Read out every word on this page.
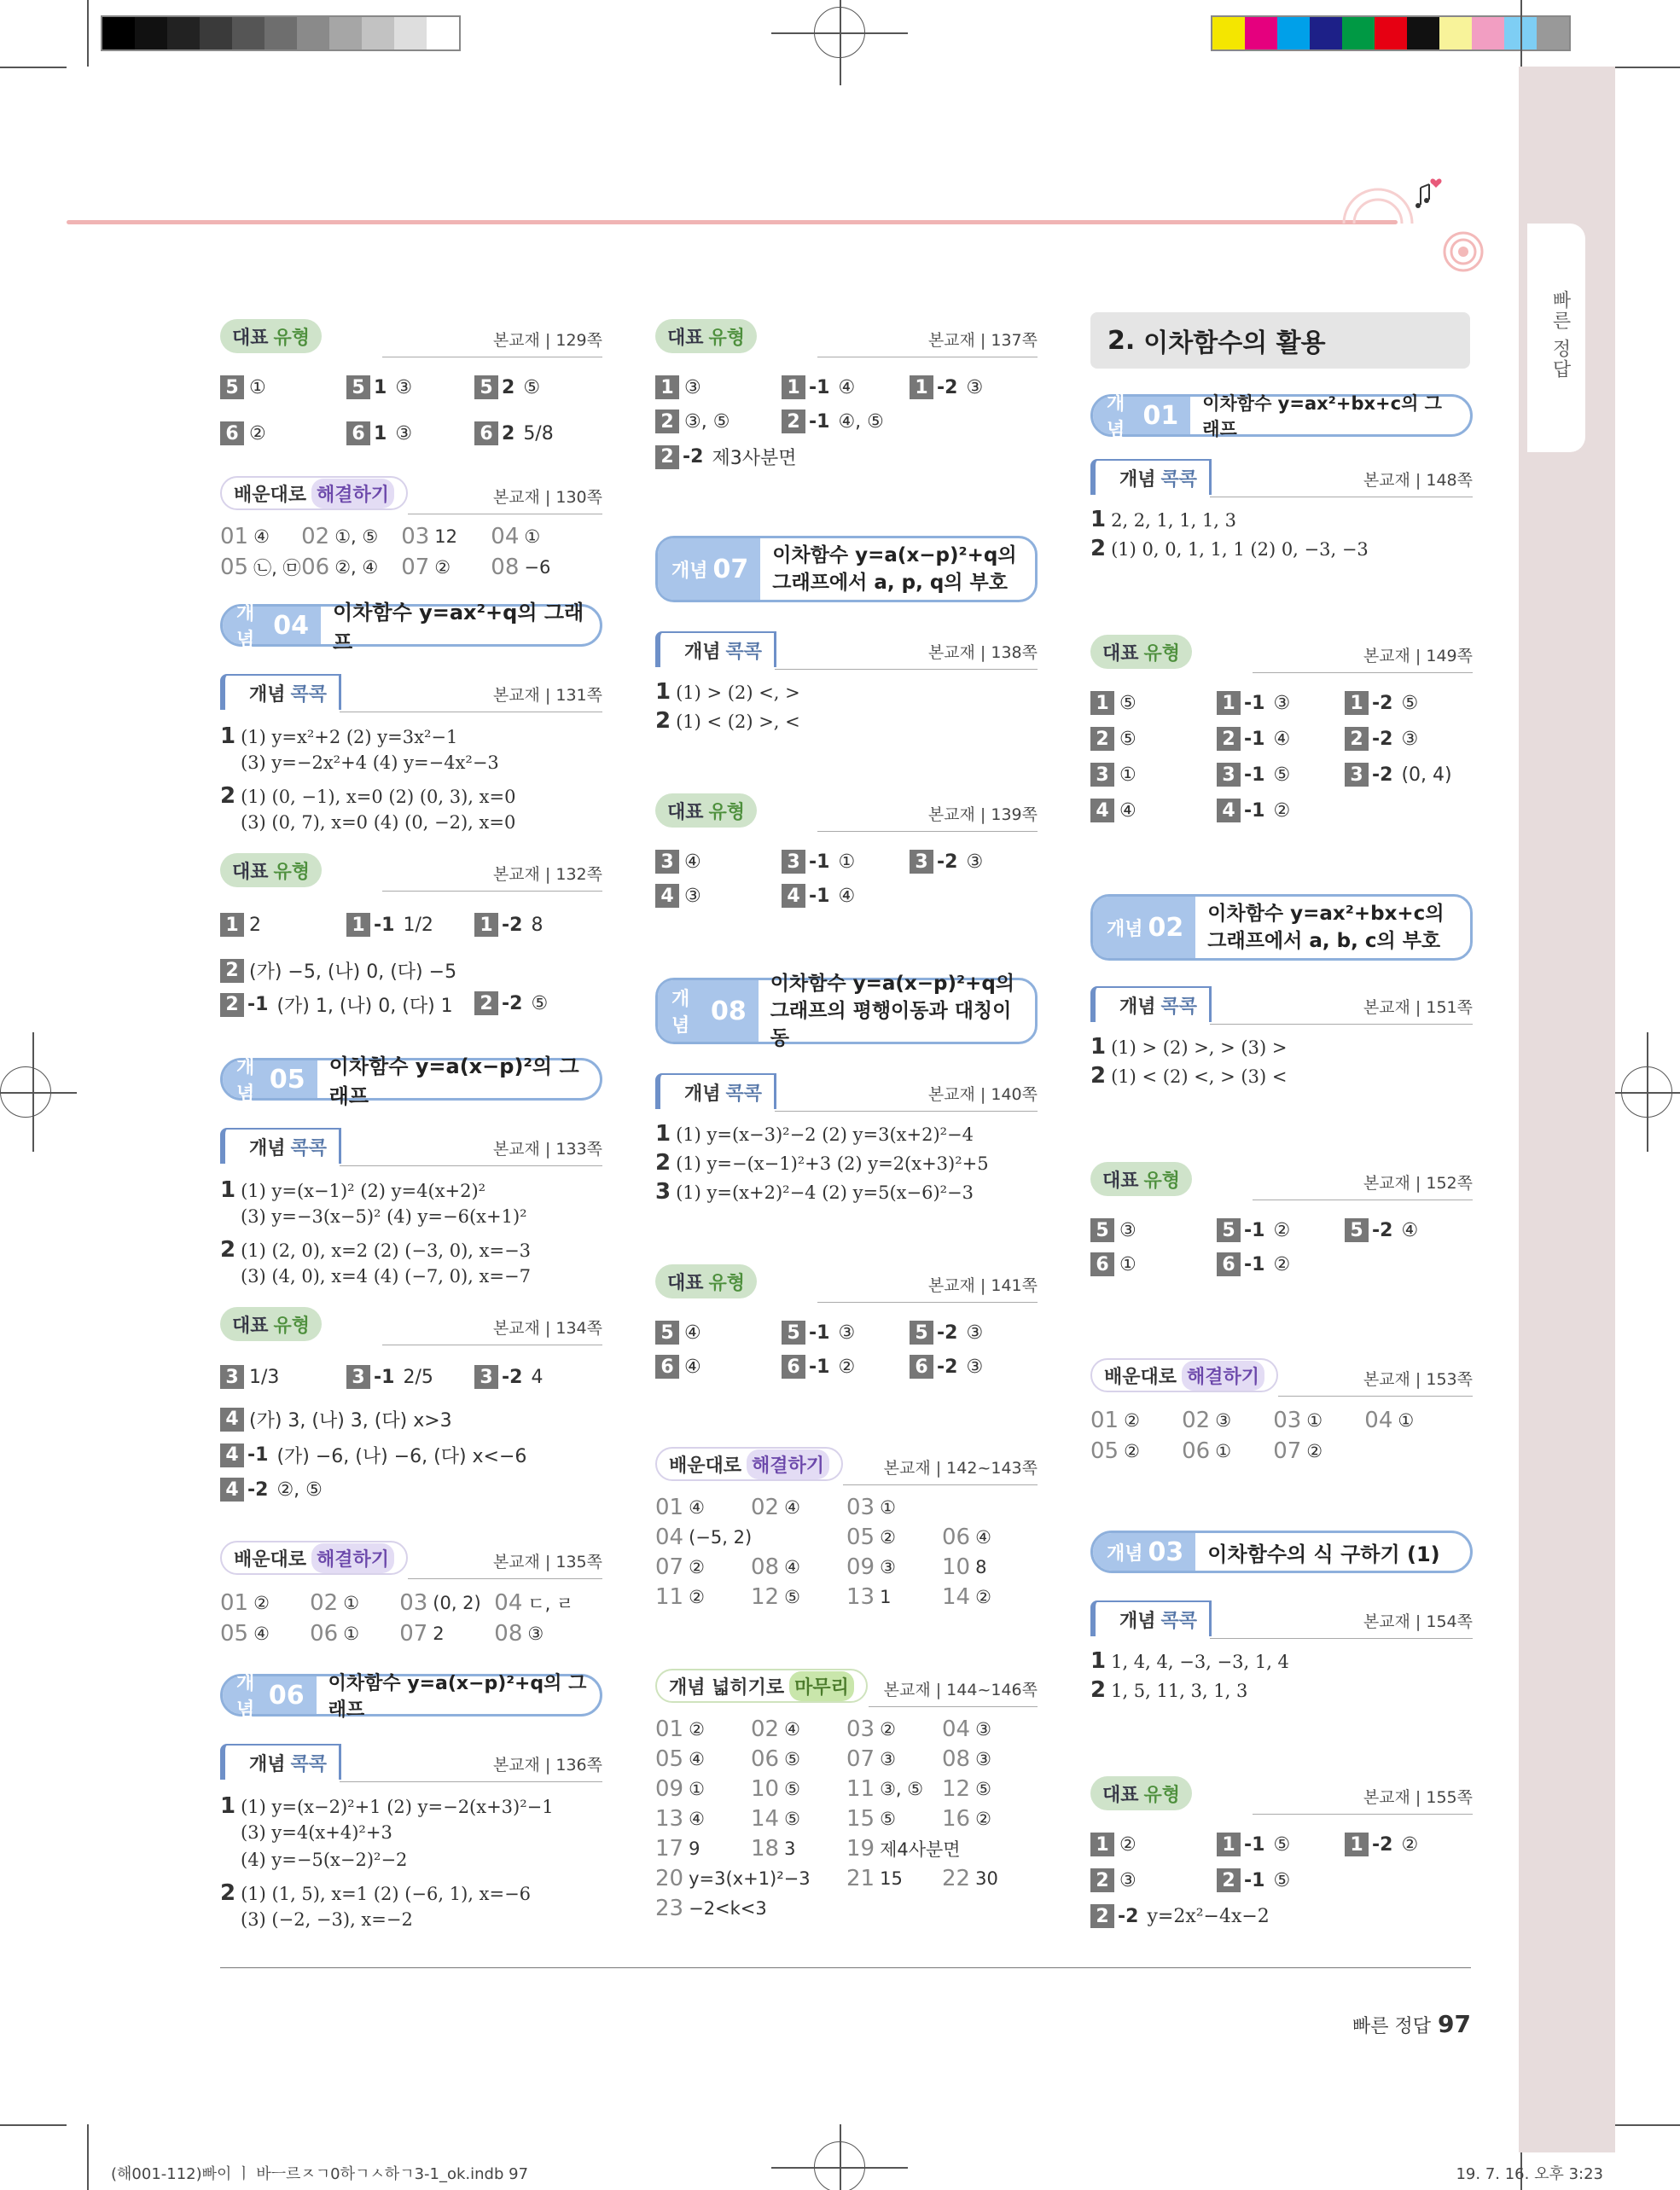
빠른 정답
대표 유형	본교재 | 129쪽
5 ①	5 1 ③	5 2 ⑤
6 ②	6 1 ③	6 2 5/8
배운대로 해결하기	본교재 | 130쪽
01 ④	02 ①, ⑤	03 12	04 ①
05 ㉡, ㉤ 06 ②, ④	07 ②	08 −6
개념 04	이차함수 y=ax²+q의 그래프
개념 콕콕	본교재 | 131쪽
1 (1) y=x²+2 (2) y=3x²−1
(3) y=−2x²+4 (4) y=−4x²−3
2 (1) (0, −1), x=0 (2) (0, 3), x=0
(3) (0, 7), x=0 (4) (0, −2), x=0
대표 유형	본교재 | 132쪽
1 2	1 -1 1/2 1 -2 8
2 (가) −5, (나) 0, (다) −5
2 -1 (가) 1, (나) 0, (다) 1 2 -2 ⑤
개념 05	이차함수 y=a(x−p)²의 그래프
개념 콕콕	본교재 | 133쪽
1 (1) y=(x−1)² (2) y=4(x+2)²
(3) y=−3(x−5)² (4) y=−6(x+1)²
2 (1) (2, 0), x=2 (2) (−3, 0), x=−3
(3) (4, 0), x=4 (4) (−7, 0), x=−7
대표 유형	본교재 | 134쪽
3 1/3	3 -1 2/5 3 -2 4
4 (가) 3, (나) 3, (다) x>3
4 -1 (가) −6, (나) −6, (다) x<−6
4 -2 ②, ⑤
배운대로 해결하기	본교재 | 135쪽
01 ②	02 ①	03 (0, 2) 04 ㄷ, ㄹ
05 ④	06 ①	07 2	08 ③
개념 06	이차함수 y=a(x−p)²+q의 그래프
개념 콕콕	본교재 | 136쪽
1 (1) y=(x−2)²+1 (2) y=−2(x+3)²−1
(3) y=4(x+4)²+3
(4) y=−5(x−2)²−2
2 (1) (1, 5), x=1 (2) (−6, 1), x=−6
(3) (−2, −3), x=−2
대표 유형	본교재 | 137쪽
1 ③	1 -1 ④	1 -2 ③
2 ③, ⑤	2 -1 ④, ⑤
2 -2 제3사분면
개념 07 이차함수 y=a(x−p)²+q의
그래프에서 a, p, q의 부호
개념 콕콕	본교재 | 138쪽
1 (1) > (2) <, >
2 (1) < (2) >, <
대표 유형	본교재 | 139쪽
3 ④	3 -1 ①	3 -2 ③
4 ③	4 -1 ④
개념 08
이차함수 y=a(x−p)²+q의
그래프의 평행이동과 대칭이동
개념 콕콕	본교재 | 140쪽
1 (1) y=(x−3)²−2 (2) y=3(x+2)²−4
2 (1) y=−(x−1)²+3 (2) y=2(x+3)²+5
3 (1) y=(x+2)²−4 (2) y=5(x−6)²−3
대표 유형	본교재 | 141쪽
5 ④	5 -1 ③	5 -2 ③
6 ④	6 -1 ②	6 -2 ③
배운대로 해결하기	본교재 | 142~143쪽
01 ④ 02 ④ 03 ①
04 (−5, 2)	05 ② 06 ④
07 ② 08 ④ 09 ③ 10 8
11 ② 12 ⑤ 13 1 14 ②
개념 넓히기로 마무리	본교재 | 144~146쪽
01 ② 02 ④ 03 ② 04 ③
05 ④ 06 ⑤ 07 ③ 08 ③
09 ① 10 ⑤ 11 ③, ⑤ 12 ⑤
13 ④ 14 ⑤ 15 ⑤ 16 ②
17 9 18 3 19 제4사분면
20 y=3(x+1)²−3 21 15 22 30
23 −2<k<3
2. 이차함수의 활용
개념 01	이차함수 y=ax²+bx+c의 그래프
개념 콕콕	본교재 | 148쪽
1 2, 2, 1, 1, 1, 3
2 (1) 0, 0, 1, 1, 1 (2) 0, −3, −3
대표 유형	본교재 | 149쪽
1 ⑤	1 -1 ③	1 -2 ⑤
2 ⑤	2 -1 ④	2 -2 ③
3 ①	3 -1 ⑤	3 -2 (0, 4)
4 ④	4 -1 ②
개념 02 이차함수 y=ax²+bx+c의
그래프에서 a, b, c의 부호
개념 콕콕	본교재 | 151쪽
1 (1) > (2) >, > (3) >
2 (1) < (2) <, > (3) <
대표 유형	본교재 | 152쪽
5 ③	5 -1 ②	5 -2 ④
6 ①	6 -1 ②
배운대로 해결하기	본교재 | 153쪽
01 ②	02 ③	03 ①	04 ①
05 ②	06 ①	07 ②
개념 03	이차함수의 식 구하기 (1)
개념 콕콕	본교재 | 154쪽
1 1, 4, 4, −3, −3, 1, 4
2 1, 5, 11, 3, 1, 3
대표 유형	본교재 | 155쪽
1 ②	1 -1 ⑤	1 -2 ②
2 ③	2 -1 ⑤
2 -2 y=2x²−4x−2
빠른 정답 97
(해001-112)빠이 ㅣ 바ㅡ르ㅈㄱ0하ㄱㅅ하ㄱ3-1_ok.indb 97	19. 7. 16. 오후 3:23
